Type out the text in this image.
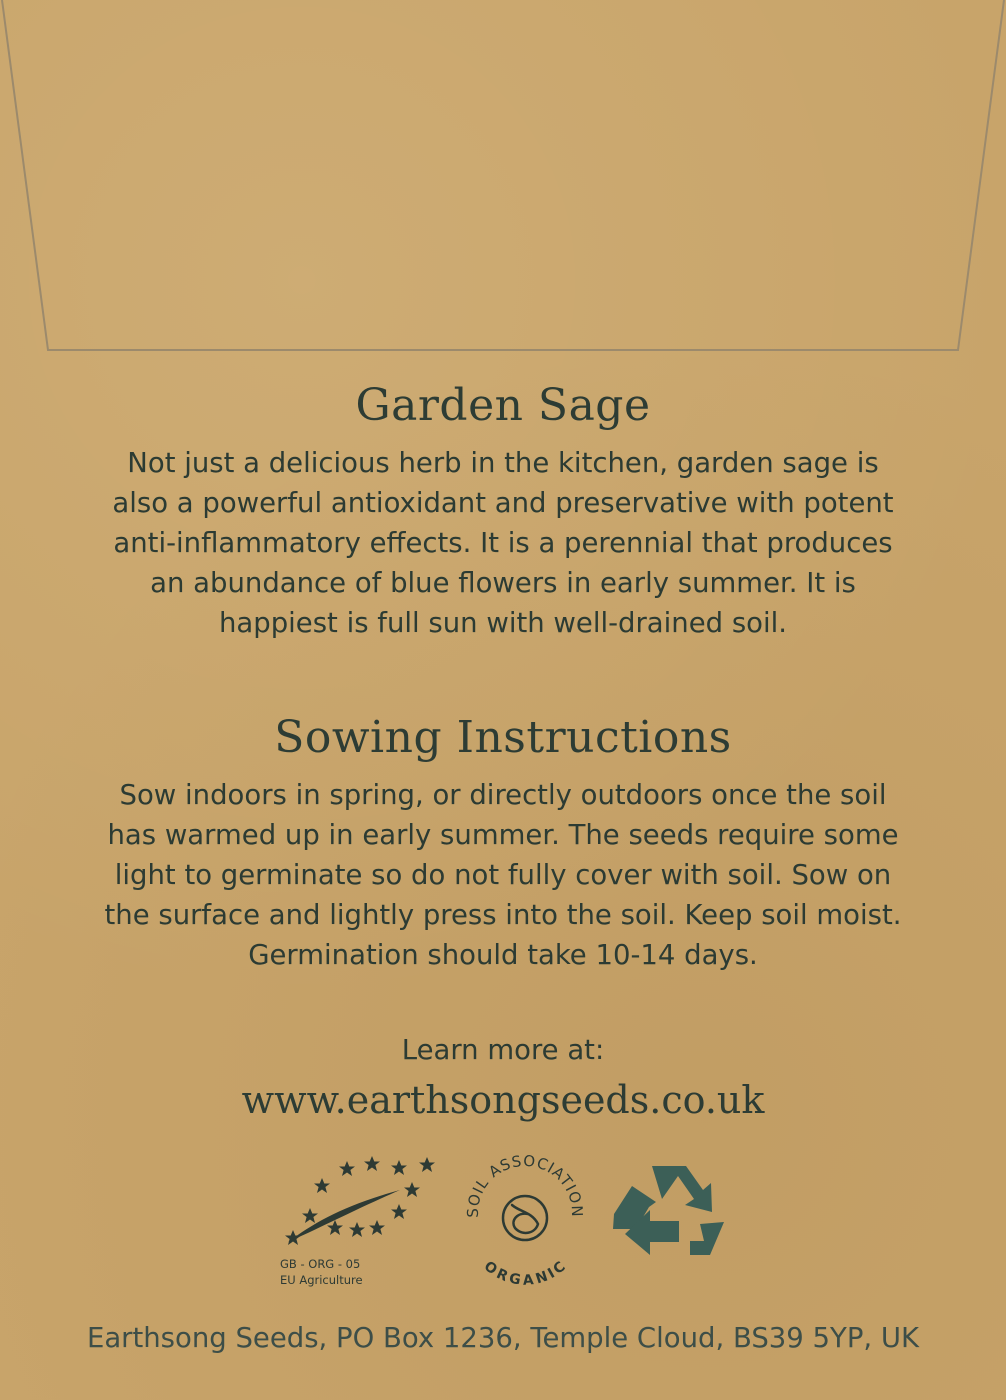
Garden Sage

Not just a delicious herb in the kitchen, garden sage is
also a powerful antioxidant and preservative with potent
anti-inflammatory effects. It is a perennial that produces
an abundance of blue flowers in early summer. It is
happiest is full sun with well-drained soil.

Sowing Instructions

Sow indoors in spring, or directly outdoors once the soil
has warmed up in early summer. The seeds require some
light to germinate so do not fully cover with soil. Sow on
the surface and lightly press into the soil. Keep soil moist.
Germination should take 10-14 days.

Learn more at:
www.earthsongseeds.co.uk
SOIL ASSOCIATION
ORGANIC
GB - ORG - 05
EU Agriculture
Earthsong Seeds, PO Box 1236, Temple Cloud, BS39 5YP, UK
